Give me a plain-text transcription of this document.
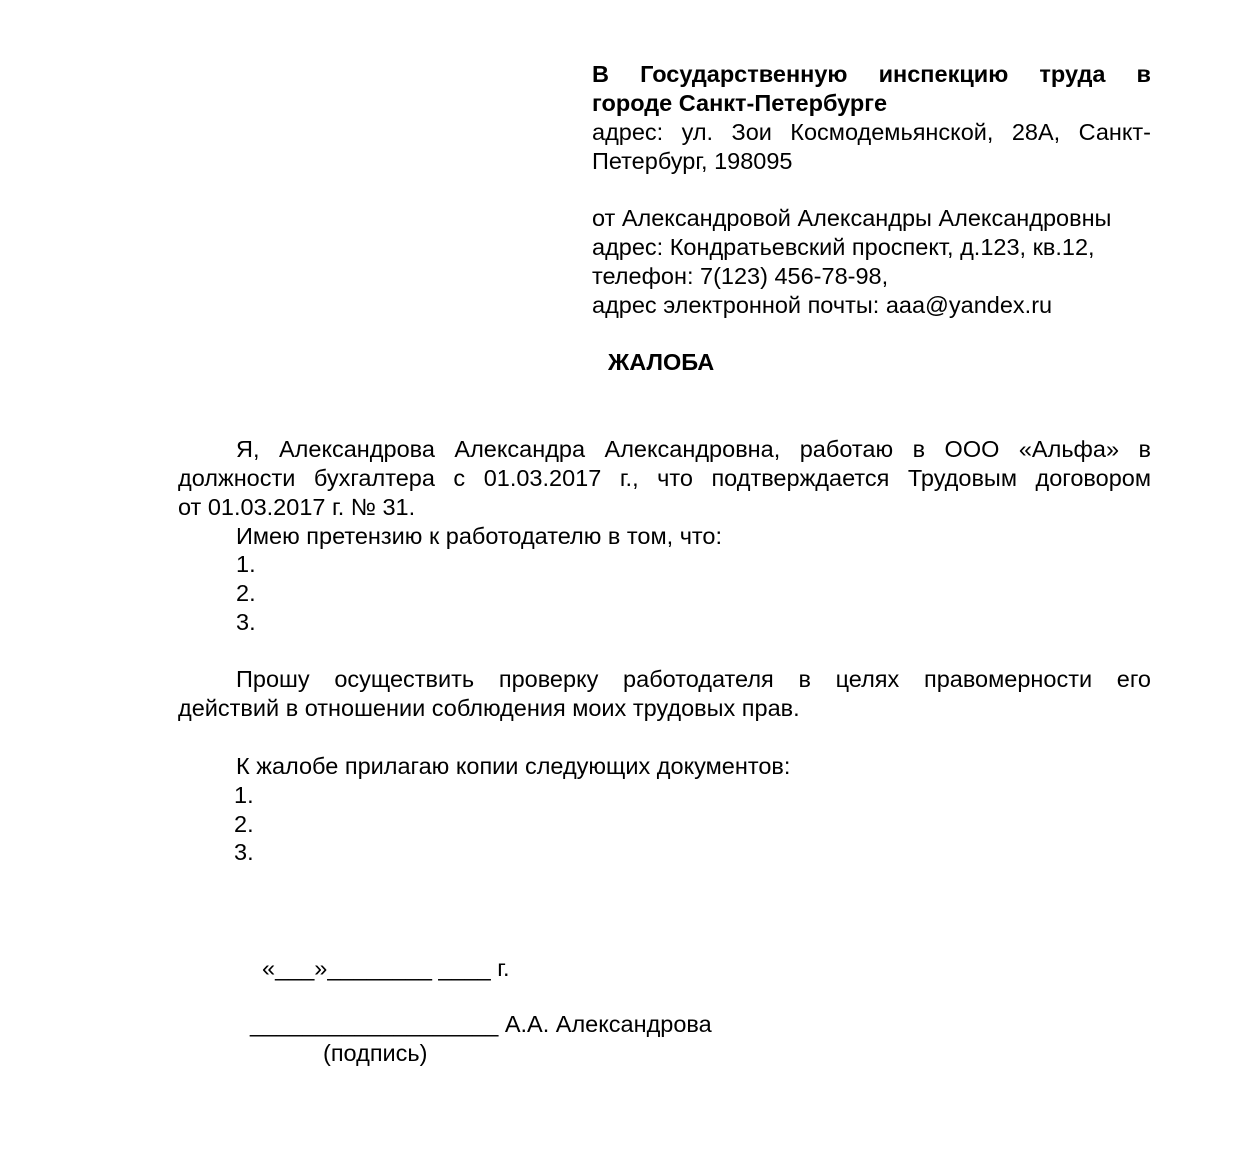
В Государственную инспекцию труда в

городе Санкт-Петербурге

адрес: ул. Зои Космодемьянской, 28А, Санкт-

Петербург, 198095

от Александровой Александры Александровны

адрес: Кондратьевский проспект, д.123, кв.12,

телефон: 7(123) 456-78-98,

адрес электронной почты: aaa@yandex.ru

ЖАЛОБА

Я, Александрова Александра Александровна, работаю в ООО «Альфа» в

должности бухгалтера с 01.03.2017 г., что подтверждается Трудовым договором

от 01.03.2017 г. № 31.

Имею претензию к работодателю в том, что:

1.

2.

3.

Прошу осуществить проверку работодателя в целях правомерности его

действий в отношении соблюдения моих трудовых прав.

К жалобе прилагаю копии следующих документов:

1.

2.

3.

«___»________ ____ г.

___________________ А.А. Александрова

(подпись)
